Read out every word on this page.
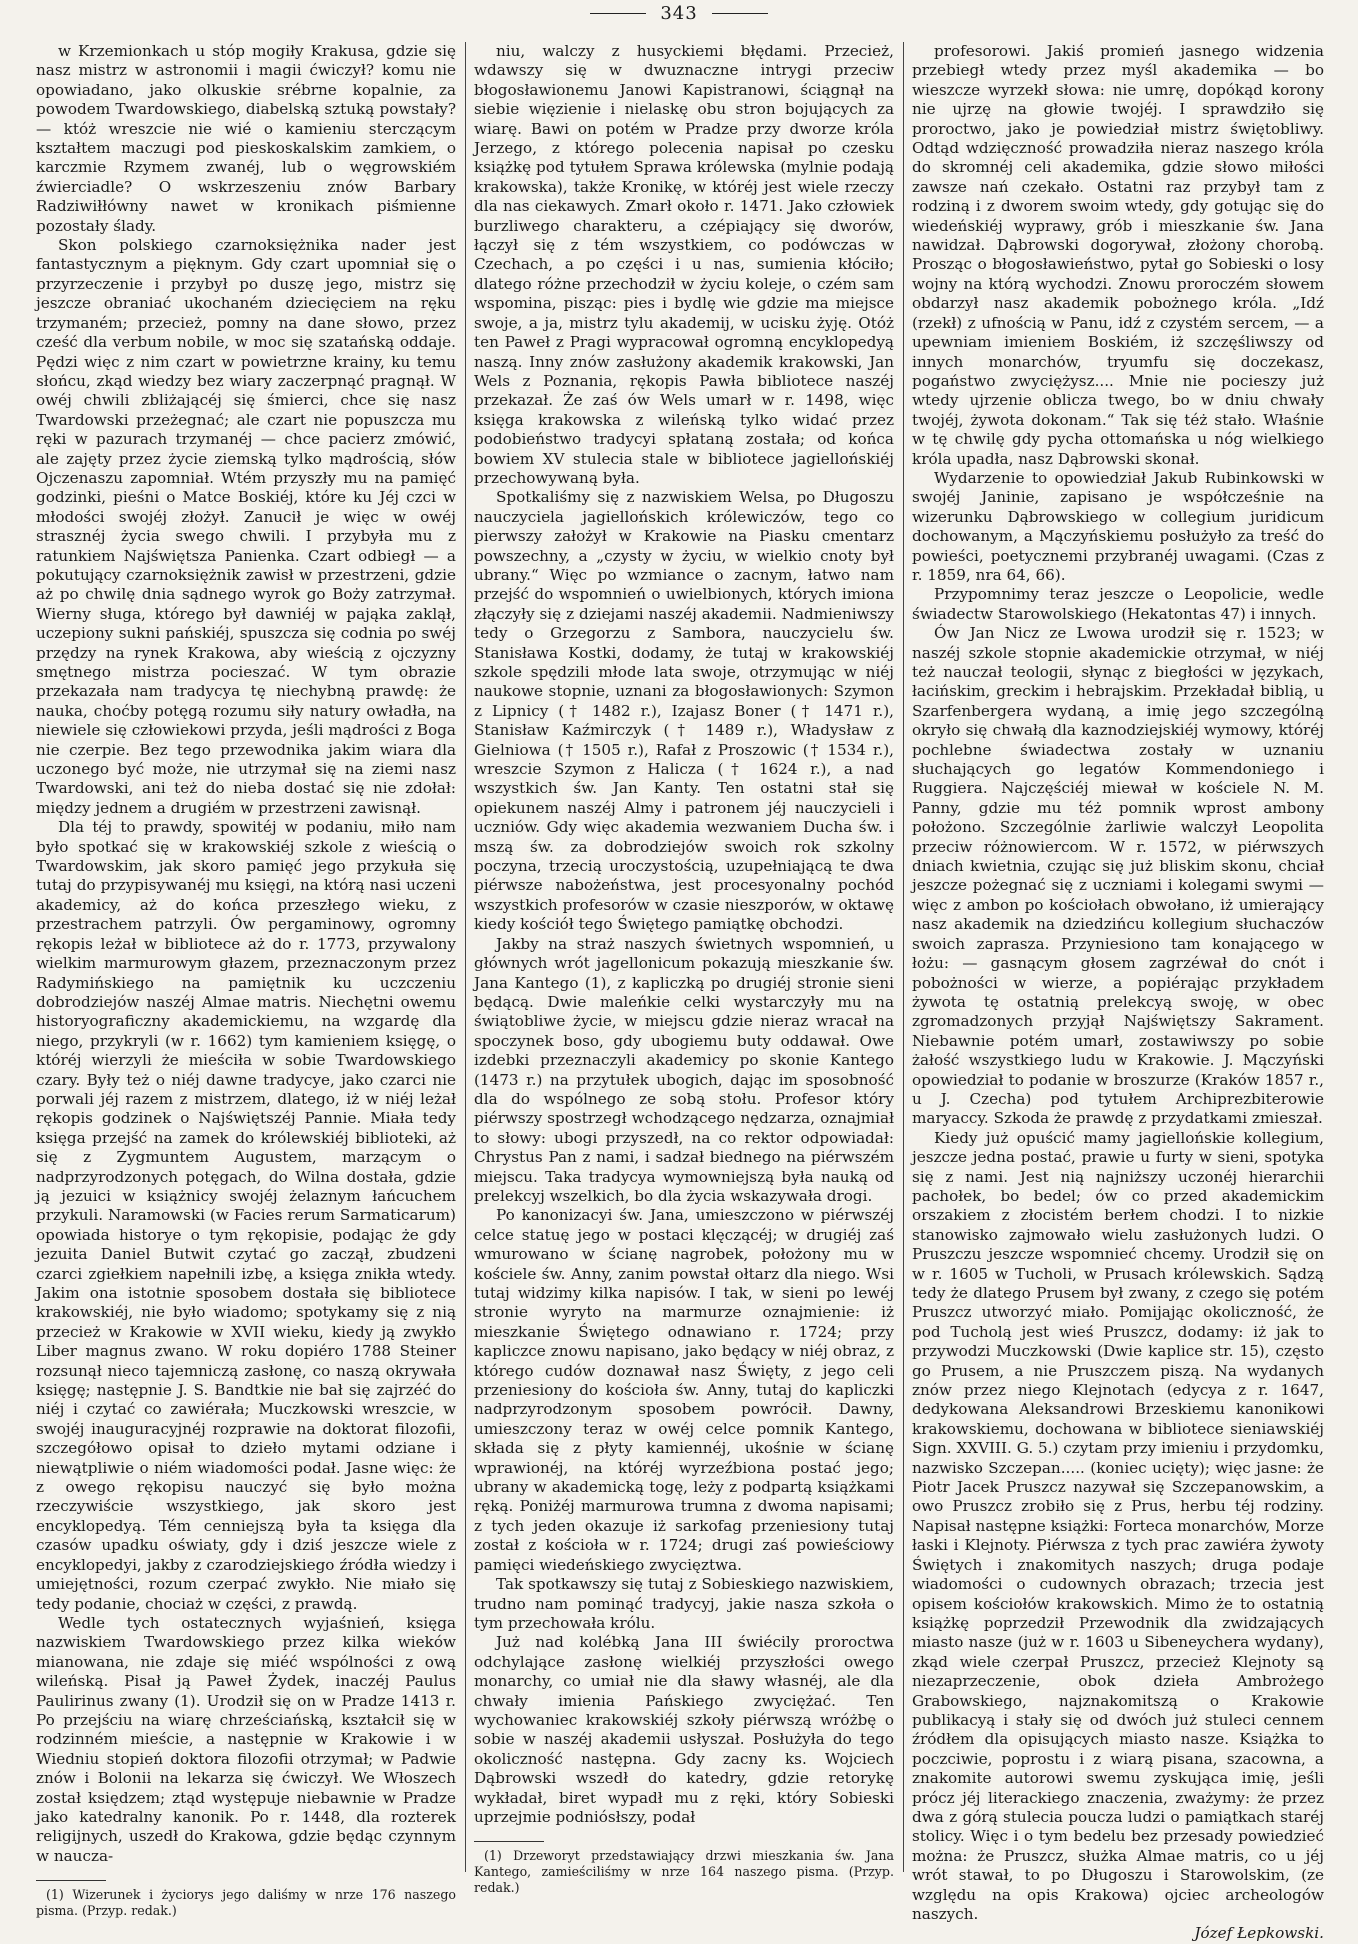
343

w Krzemionkach u stóp mogiły Krakusa, gdzie się nasz mistrz w astronomii i magii ćwiczył? komu nie opowiadano, jako olkuskie srébrne kopalnie, za powodem Twardowskiego, diabelską sztuką powstały? — któż wreszcie nie wié o kamieniu sterczącym kształtem maczugi pod pieskoskalskim zamkiem, o karczmie Rzymem zwanéj, lub o węgrowskiém źwierciadle? O wskrzeszeniu znów Barbary Radziwiłłówny nawet w kronikach piśmienne pozostały ślady.

Skon polskiego czarnoksiężnika nader jest fantastycznym a pięknym. Gdy czart upomniał się o przyrzeczenie i przybył po duszę jego, mistrz się jeszcze obraniać ukochaném dziecięciem na ręku trzymaném; przecież, pomny na dane słowo, przez cześć dla verbum nobile, w moc się szatańską oddaje. Pędzi więc z nim czart w powietrzne krainy, ku temu słońcu, zkąd wiedzy bez wiary zaczerpnąć pragnął. W owéj chwili zbliżającéj się śmierci, chce się nasz Twardowski przeżegnać; ale czart nie popuszcza mu ręki w pazurach trzymanéj — chce pacierz zmówić, ale zajęty przez życie ziemską tylko mądrością, słów Ojczenaszu zapomniał. Wtém przyszły mu na pamięć godzinki, pieśni o Matce Boskiéj, które ku Jéj czci w młodości swojéj złożył. Zanucił je więc w owéj strasznéj życia swego chwili. I przybyła mu z ratunkiem Najświętsza Panienka. Czart odbiegł — a pokutujący czarnoksiężnik zawisł w przestrzeni, gdzie aż po chwilę dnia sądnego wyrok go Boży zatrzymał. Wierny sługa, którego był dawniéj w pająka zaklął, uczepiony sukni pańskiéj, spuszcza się codnia po swéj przędzy na rynek Krakowa, aby wieścią z ojczyzny smętnego mistrza pocieszać. W tym obrazie przekazała nam tradycya tę niechybną prawdę: że nauka, choćby potęgą rozumu siły natury owładła, na niewiele się człowiekowi przyda, jeśli mądrości z Boga nie czerpie. Bez tego przewodnika jakim wiara dla uczonego być może, nie utrzymał się na ziemi nasz Twardowski, ani też do nieba dostać się nie zdołał: między jednem a drugiém w przestrzeni zawisnął.

Dla téj to prawdy, spowitéj w podaniu, miło nam było spotkać się w krakowskiéj szkole z wieścią o Twardowskim, jak skoro pamięć jego przykuła się tutaj do przypisywanéj mu księgi, na którą nasi uczeni akademicy, aż do końca przeszłego wieku, z przestrachem patrzyli. Ów pergaminowy, ogromny rękopis leżał w bibliotece aż do r. 1773, przywalony wielkim marmurowym głazem, przeznaczonym przez Radymińskiego na pamiętnik ku uczczeniu dobrodziejów naszéj Almae matris. Niechętni owemu historyograficzny akademickiemu, na wzgardę dla niego, przykryli (w r. 1662) tym kamieniem księgę, o któréj wierzyli że mieściła w sobie Twardowskiego czary. Były też o niéj dawne tradycye, jako czarci nie porwali jéj razem z mistrzem, dlatego, iż w niéj leżał rękopis godzinek o Najświętszéj Pannie. Miała tedy księga przejść na zamek do królewskiéj biblioteki, aż się z Zygmuntem Augustem, marzącym o nadprzyrodzonych potęgach, do Wilna dostała, gdzie ją jezuici w książnicy swojéj żelaznym łańcuchem przykuli. Naramowski (w Facies rerum Sarmaticarum) opowiada historye o tym rękopisie, podając że gdy jezuita Daniel Butwit czytać go zaczął, zbudzeni czarci zgiełkiem napełnili izbę, a księga znikła wtedy. Jakim ona istotnie sposobem dostała się bibliotece krakowskiéj, nie było wiadomo; spotykamy się z nią przecież w Krakowie w XVII wieku, kiedy ją zwykło Liber magnus zwano. W roku dopiéro 1788 Steiner rozsunął nieco tajemniczą zasłonę, co naszą okrywała księgę; następnie J. S. Bandtkie nie bał się zajrzéć do niéj i czytać co zawiérała; Muczkowski wreszcie, w swojéj inauguracyjnéj rozprawie na doktorat filozofii, szczegółowo opisał to dzieło mytami odziane i niewątpliwie o niém wiadomości podał. Jasne więc: że z owego rękopisu nauczyć się było można rzeczywiście wszystkiego, jak skoro jest encyklopedyą. Tém cenniejszą była ta księga dla czasów upadku oświaty, gdy i dziś jeszcze wiele z encyklopedyi, jakby z czarodziejskiego źródła wiedzy i umiejętności, rozum czerpać zwykło. Nie miało się tedy podanie, chociaż w części, z prawdą.

Wedle tych ostatecznych wyjaśnień, księga nazwiskiem Twardowskiego przez kilka wieków mianowana, nie zdaje się miéć wspólności z ową wileńską. Pisał ją Paweł Żydek, inaczéj Paulus Paulirinus zwany (1). Urodził się on w Pradze 1413 r. Po przejściu na wiarę chrześciańską, kształcił się w rodzinném mieście, a następnie w Krakowie i w Wiedniu stopień doktora filozofii otrzymał; w Padwie znów i Bolonii na lekarza się ćwiczył. We Włoszech został księdzem; ztąd występuje niebawnie w Pradze jako katedralny kanonik. Po r. 1448, dla rozterek religijnych, uszedł do Krakowa, gdzie będąc czynnym w naucza-

(1) Wizerunek i życiorys jego daliśmy w nrze 176 naszego pisma. (Przyp. redak.)

niu, walczy z husyckiemi błędami. Przecież, wdawszy się w dwuznaczne intrygi przeciw błogosławionemu Janowi Kapistranowi, ściągnął na siebie więzienie i nielaskę obu stron bojujących za wiarę. Bawi on potém w Pradze przy dworze króla Jerzego, z którego polecenia napisał po czesku książkę pod tytułem Sprawa królewska (mylnie podają krakowska), także Kronikę, w któréj jest wiele rzeczy dla nas ciekawych. Zmarł około r. 1471. Jako człowiek burzliwego charakteru, a czépiający się dworów, łączył się z tém wszystkiem, co podówczas w Czechach, a po części i u nas, sumienia kłóciło; dlatego różne przechodził w życiu koleje, o czém sam wspomina, pisząc: pies i bydlę wie gdzie ma miejsce swoje, a ja, mistrz tylu akademij, w ucisku żyję. Otóż ten Paweł z Pragi wypracował ogromną encyklopedyą naszą. Inny znów zasłużony akademik krakowski, Jan Wels z Poznania, rękopis Pawła bibliotece naszéj przekazał. Że zaś ów Wels umarł w r. 1498, więc księga krakowska z wileńską tylko widać przez podobieństwo tradycyi spłataną została; od końca bowiem XV stulecia stale w bibliotece jagiellońskiéj przechowywaną była.

Spotkaliśmy się z nazwiskiem Welsa, po Długoszu nauczyciela jagiellońskich królewiczów, tego co pierwszy założył w Krakowie na Piasku cmentarz powszechny, a „czysty w życiu, w wielkio cnoty był ubrany.“ Więc po wzmiance o zacnym, łatwo nam przejść do wspomnień o uwielbionych, których imiona złączyły się z dziejami naszéj akademii. Nadmieniwszy tedy o Grzegorzu z Sambora, nauczycielu św. Stanisława Kostki, dodamy, że tutaj w krakowskiéj szkole spędzili młode lata swoje, otrzymując w niéj naukowe stopnie, uznani za błogosławionych: Szymon z Lipnicy († 1482 r.), Izajasz Boner († 1471 r.), Stanisław Kaźmirczyk († 1489 r.), Władysław z Gielniowa († 1505 r.), Rafał z Proszowic († 1534 r.), wreszcie Szymon z Halicza († 1624 r.), a nad wszystkich św. Jan Kanty. Ten ostatni stał się opiekunem naszéj Almy i patronem jéj nauczycieli i uczniów. Gdy więc akademia wezwaniem Ducha św. i mszą św. za dobrodziejów swoich rok szkolny poczyna, trzecią uroczystością, uzupełniającą te dwa piérwsze nabożeństwa, jest procesyonalny pochód wszystkich profesorów w czasie nieszporów, w oktawę kiedy kościół tego Świętego pamiątkę obchodzi.

Jakby na straż naszych świetnych wspomnień, u głównych wrót jagellonicum pokazują mieszkanie św. Jana Kantego (1), z kapliczką po drugiéj stronie sieni będącą. Dwie maleńkie celki wystarczyły mu na świątobliwe życie, w miejscu gdzie nieraz wracał na spoczynek boso, gdy ubogiemu buty oddawał. Owe izdebki przeznaczyli akademicy po skonie Kantego (1473 r.) na przytułek ubogich, dając im sposobność dla do wspólnego ze sobą stołu. Profesor który piérwszy spostrzegł wchodzącego nędzarza, oznajmiał to słowy: ubogi przyszedł, na co rektor odpowiadał: Chrystus Pan z nami, i sadzał biednego na piérwszém miejscu. Taka tradycya wymowniejszą była nauką od prelekcyj wszelkich, bo dla życia wskazywała drogi.

Po kanonizacyi św. Jana, umieszczono w piérwszéj celce statuę jego w postaci klęczącéj; w drugiéj zaś wmurowano w ścianę nagrobek, położony mu w kościele św. Anny, zanim powstał ołtarz dla niego. Wsi tutaj widzimy kilka napisów. I tak, w sieni po lewéj stronie wyryto na marmurze oznajmienie: iż mieszkanie Świętego odnawiano r. 1724; przy kapliczce znowu napisano, jako będący w niéj obraz, z którego cudów doznawał nasz Święty, z jego celi przeniesiony do kościoła św. Anny, tutaj do kapliczki nadprzyrodzonym sposobem powrócił. Dawny, umieszczony teraz w owéj celce pomnik Kantego, składa się z płyty kamiennéj, ukośnie w ścianę wprawionéj, na któréj wyrzeźbiona postać jego; ubrany w akademicką togę, leży z podpartą książkami ręką. Poniżéj marmurowa trumna z dwoma napisami; z tych jeden okazuje iż sarkofag przeniesiony tutaj został z kościoła w r. 1724; drugi zaś powieściowy pamięci wiedeńskiego zwycięztwa.

Tak spotkawszy się tutaj z Sobieskiego nazwiskiem, trudno nam pominąć tradycyj, jakie nasza szkoła o tym przechowała królu.

Już nad kolébką Jana III świécily proroctwa odchylające zasłonę wielkiéj przyszłości owego monarchy, co umiał nie dla sławy własnéj, ale dla chwały imienia Pańskiego zwyciężać. Ten wychowaniec krakowskiéj szkoły piérwszą wróżbę o sobie w naszéj akademii usłyszał. Posłużyła do tego okoliczność następna. Gdy zacny ks. Wojciech Dąbrowski wszedł do katedry, gdzie retorykę wykładał, biret wypadł mu z ręki, który Sobieski uprzejmie podniósłszy, podał

(1) Drzeworyt przedstawiający drzwi mieszkania św. Jana Kantego, zamieściliśmy w nrze 164 naszego pisma. (Przyp. redak.)

profesorowi. Jakiś promień jasnego widzenia przebiegł wtedy przez myśl akademika — bo wieszcze wyrzekł słowa: nie umrę, dopókąd korony nie ujrzę na głowie twojéj. I sprawdziło się proroctwo, jako je powiedział mistrz świętobliwy. Odtąd wdzięczność prowadziła nieraz naszego króla do skromnéj celi akademika, gdzie słowo miłości zawsze nań czekało. Ostatni raz przybył tam z rodziną i z dworem swoim wtedy, gdy gotując się do wiedeńskiéj wyprawy, grób i mieszkanie św. Jana nawidzał. Dąbrowski dogorywał, złożony chorobą. Prosząc o błogosławieństwo, pytał go Sobieski o losy wojny na którą wychodzi. Znowu proroczém słowem obdarzył nasz akademik pobożnego króla. „Idź (rzekł) z ufnością w Panu, idź z czystém sercem, — a upewniam imieniem Boskiém, iż szczęśliwszy od innych monarchów, tryumfu się doczekasz, pogaństwo zwyciężysz.... Mnie nie pocieszy już wtedy ujrzenie oblicza twego, bo w dniu chwały twojéj, żywota dokonam.“ Tak się téż stało. Właśnie w tę chwilę gdy pycha ottomańska u nóg wielkiego króla upadła, nasz Dąbrowski skonał.

Wydarzenie to opowiedział Jakub Rubinkowski w swojéj Janinie, zapisano je współcześnie na wizerunku Dąbrowskiego w collegium juridicum dochowanym, a Mączyńskiemu posłużyło za treść do powieści, poetycznemi przybranéj uwagami. (Czas z r. 1859, nra 64, 66).

Przypomnimy teraz jeszcze o Leopolicie, wedle świadectw Starowolskiego (Hekatontas 47) i innych.

Ów Jan Nicz ze Lwowa urodził się r. 1523; w naszéj szkole stopnie akademickie otrzymał, w niéj też nauczał teologii, słynąc z biegłości w językach, łacińskim, greckim i hebrajskim. Przekładał biblią, u Szarfenbergera wydaną, a imię jego szczególną okryło się chwałą dla kaznodziejskiéj wymowy, któréj pochlebne świadectwa zostały w uznaniu słuchających go legatów Kommendoniego i Ruggiera. Najczęściéj miewał w kościele N. M. Panny, gdzie mu téż pomnik wprost ambony położono. Szczególnie żarliwie walczył Leopolita przeciw różnowiercom. W r. 1572, w piérwszych dniach kwietnia, czując się już bliskim skonu, chciał jeszcze pożegnać się z uczniami i kolegami swymi — więc z ambon po kościołach obwołano, iż umierający nasz akademik na dziedzińcu kollegium słuchaczów swoich zaprasza. Przyniesiono tam konającego w łożu: — gasnącym głosem zagrzéwał do cnót i pobożności w wierze, a popiérając przykładem żywota tę ostatnią prelekcyą swoję, w obec zgromadzonych przyjął Najświętszy Sakrament. Niebawnie potém umarł, zostawiwszy po sobie żałość wszystkiego ludu w Krakowie. J. Mączyński opowiedział to podanie w broszurze (Kraków 1857 r., u J. Czecha) pod tytułem Archiprezbiterowie maryaccy. Szkoda że prawdę z przydatkami zmieszał.

Kiedy już opuścić mamy jagiellońskie kollegium, jeszcze jedna postać, prawie u furty w sieni, spotyka się z nami. Jest nią najniższy uczonéj hierarchii pachołek, bo bedel; ów co przed akademickim orszakiem z złocistém berłem chodzi. I to nizkie stanowisko zajmowało wielu zasłużonych ludzi. O Pruszczu jeszcze wspomnieć chcemy. Urodził się on w r. 1605 w Tucholi, w Prusach królewskich. Sądzą tedy że dlatego Prusem był zwany, z czego się potém Pruszcz utworzyć miało. Pomijając okoliczność, że pod Tucholą jest wieś Pruszcz, dodamy: iż jak to przywodzi Muczkowski (Dwie kaplice str. 15), często go Prusem, a nie Pruszczem piszą. Na wydanych znów przez niego Klejnotach (edycya z r. 1647, dedykowana Aleksandrowi Brzeskiemu kanonikowi krakowskiemu, dochowana w bibliotece sieniawskiéj Sign. XXVIII. G. 5.) czytam przy imieniu i przydomku, nazwisko Szczepan..... (koniec ucięty); więc jasne: że Piotr Jacek Pruszcz nazywał się Szczepanowskim, a owo Pruszcz zrobiło się z Prus, herbu téj rodziny. Napisał następne książki: Forteca monarchów, Morze łaski i Klejnoty. Piérwsza z tych prac zawiéra żywoty Świętych i znakomitych naszych; druga podaje wiadomości o cudownych obrazach; trzecia jest opisem kościołów krakowskich. Mimo że to ostatnią książkę poprzedził Przewodnik dla zwidzających miasto nasze (już w r. 1603 u Sibeneychera wydany), zkąd wiele czerpał Pruszcz, przecież Klejnoty są niezaprzeczenie, obok dzieła Ambrożego Grabowskiego, najznakomitszą o Krakowie publikacyą i stały się od dwóch już stuleci cennem źródłem dla opisujących miasto nasze. Książka to poczciwie, poprostu i z wiarą pisana, szacowna, a znakomite autorowi swemu zyskująca imię, jeśli prócz jéj literackiego znaczenia, zważymy: że przez dwa z górą stulecia poucza ludzi o pamiątkach staréj stolicy. Więc i o tym bedelu bez przesady powiedzieć można: że Pruszcz, służka Almae matris, co u jéj wrót stawał, to po Długoszu i Starowolskim, (ze względu na opis Krakowa) ojciec archeologów naszych.

Józef Łepkowski.
